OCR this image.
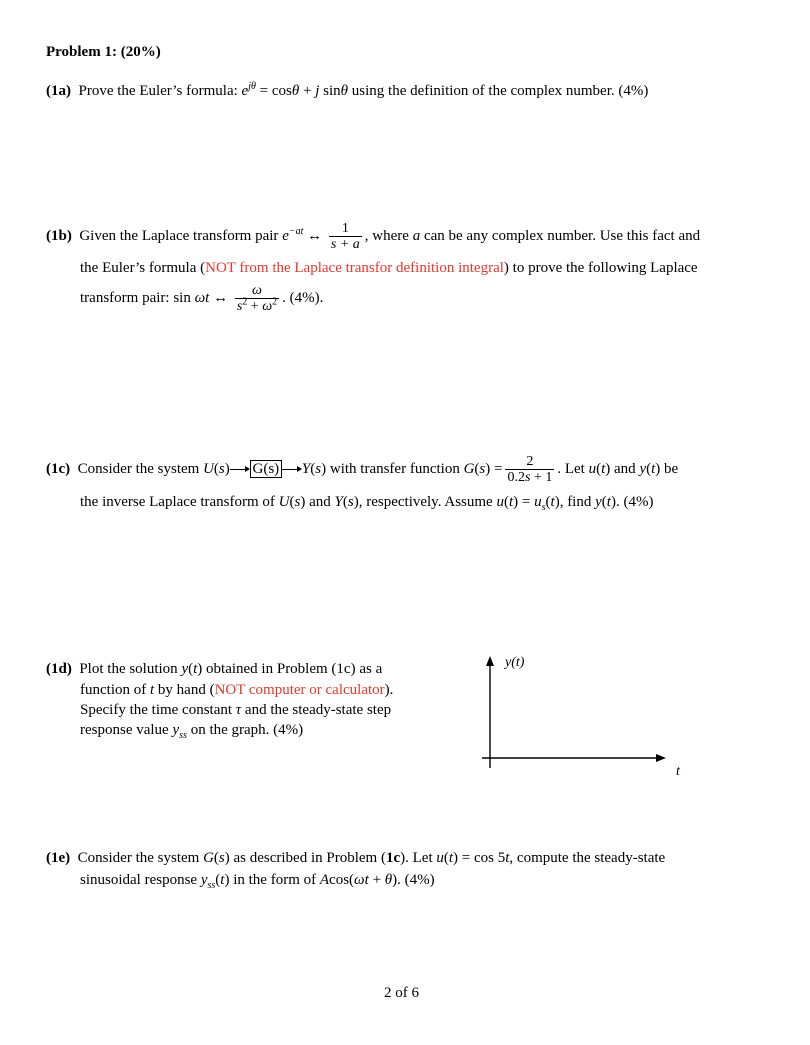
Problem 1: (20%)
(1a) Prove the Euler’s formula: $e^{j\theta} = \cos\theta + j$ sinθ using the definition of the complex number. (4%)
(1b) Given the Laplace transform pair $e^{-at}$ ↔ $\frac{1}{s + a}$ , where a can be any complex number. Use this fact and
the Euler’s formula (NOT from the Laplace transfor definition integral) to prove the following Laplace
transform pair: sin ωt ↔ $\frac{\omega}{s^2 + \omega^2}$ . (4%).
(1c) Consider the system U(s) G(s) Y(s) with transfer function $G(s) = \frac{2}{0.2s + 1}$ . Let u(t) and y(t) be
the inverse Laplace transform of U(s) and Y(s), respectively. Assume $u(t) = u_s(t)$, find y(t). (4%)
(1d) Plot the solution y(t) obtained in Problem (1c) as a
function of t by hand (NOT computer or calculator).
Specify the time constant τ and the steady-state step
response value $y_{ss}$ on the graph. (4%)
y(t)
t
(1e) Consider the system G(s) as described in Problem (1c). Let u(t) = cos 5t, compute the steady-state
sinusoidal response $y_{ss}(t)$ in the form of Acos(ωt + θ). (4%)
2 of 6
